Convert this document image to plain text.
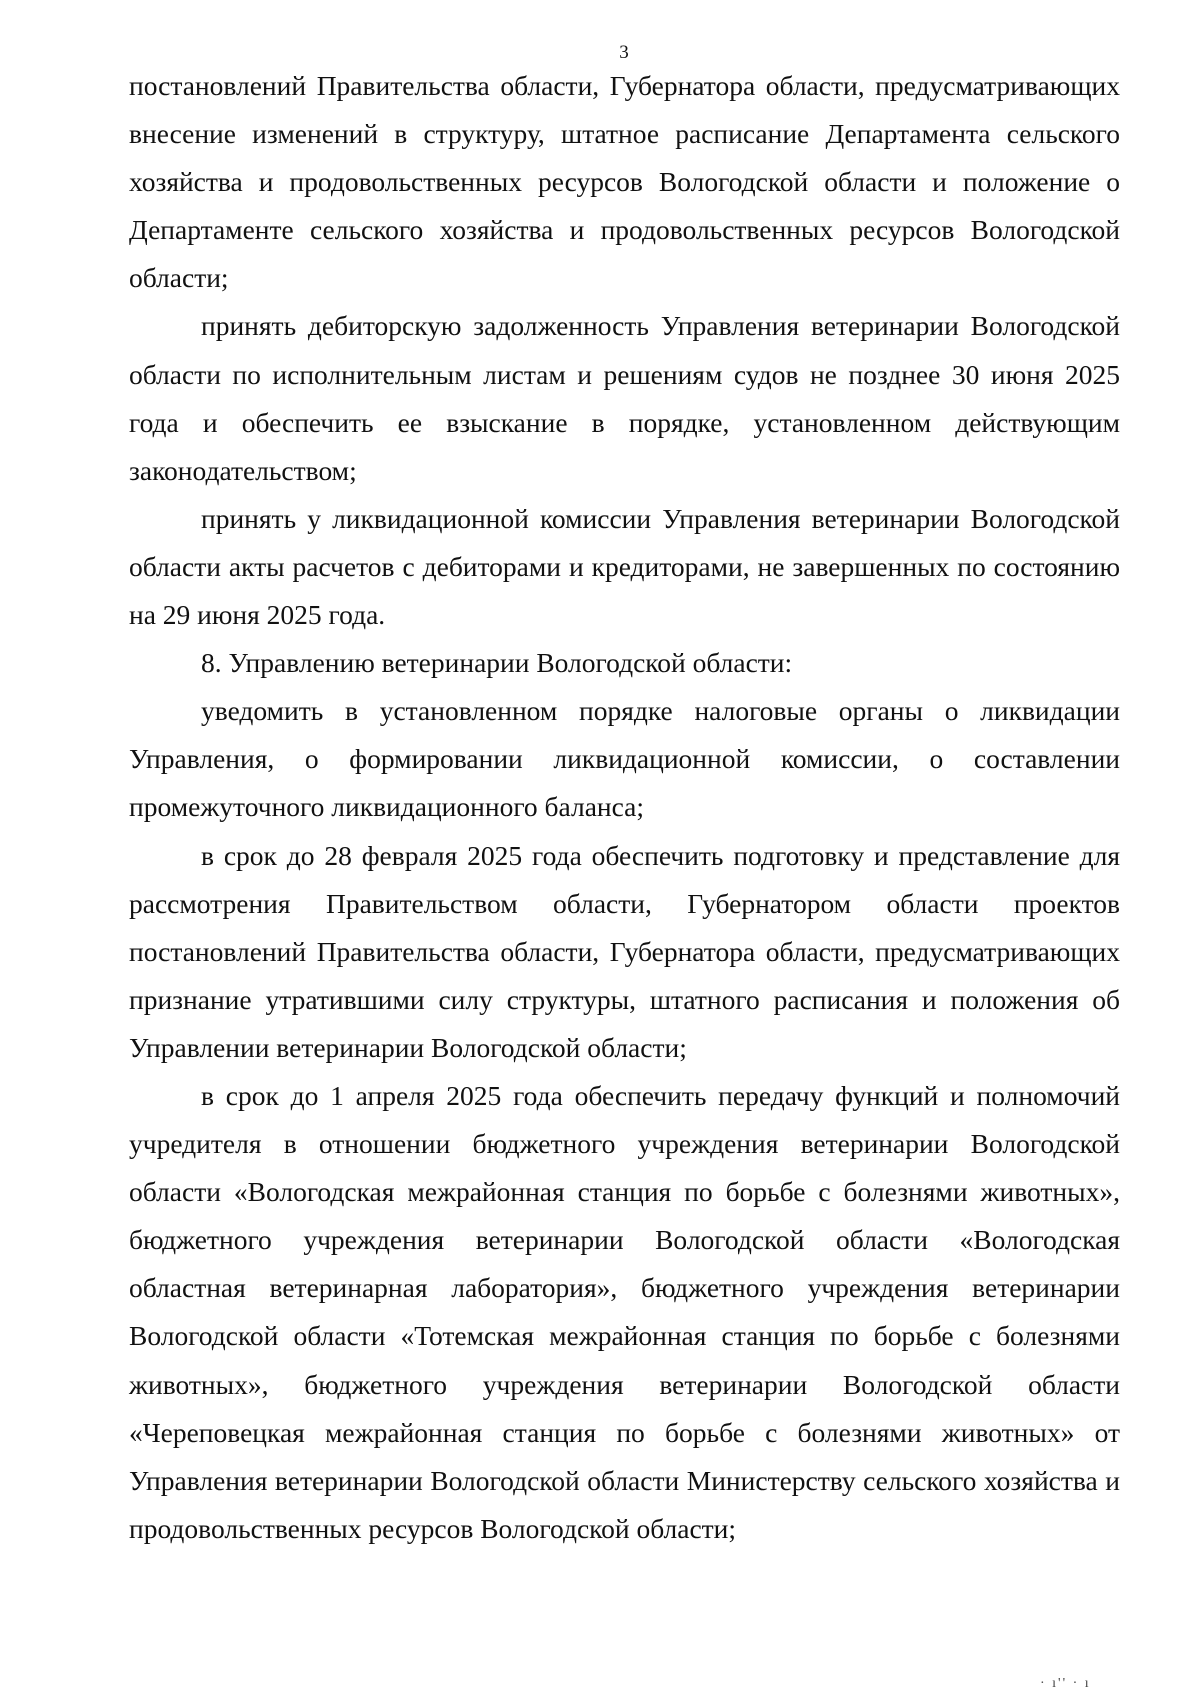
3

постановлений Правительства области, Губернатора области, предусматривающих внесение изменений в структуру, штатное расписание Департамента сельского хозяйства и продовольственных ресурсов Вологодской области и положение о Департаменте сельского хозяйства и продовольственных ресурсов Вологодской области;

принять дебиторскую задолженность Управления ветеринарии Вологодской области по исполнительным листам и решениям судов не позднее 30 июня 2025 года и обеспечить ее взыскание в порядке, установленном действующим законодательством;

принять у ликвидационной комиссии Управления ветеринарии Вологодской области акты расчетов с дебиторами и кредиторами, не завершенных по состоянию на 29 июня 2025 года.

8. Управлению ветеринарии Вологодской области:

уведомить в установленном порядке налоговые органы о ликвидации Управления, о формировании ликвидационной комиссии, о составлении промежуточного ликвидационного баланса;

в срок до 28 февраля 2025 года обеспечить подготовку и представление для рассмотрения Правительством области, Губернатором области проектов постановлений Правительства области, Губернатора области, предусматривающих признание утратившими силу структуры, штатного расписания и положения об Управлении ветеринарии Вологодской области;

в срок до 1 апреля 2025 года обеспечить передачу функций и полномочий учредителя в отношении бюджетного учреждения ветеринарии Вологодской области «Вологодская межрайонная станция по борьбе с болезнями животных», бюджетного учреждения ветеринарии Вологодской области «Вологодская областная ветеринарная лаборатория», бюджетного учреждения ветеринарии Вологодской области «Тотемская межрайонная станция по борьбе с болезнями животных», бюджетного учреждения ветеринарии Вологодской области «Череповецкая межрайонная станция по борьбе с болезнями животных» от Управления ветеринарии Вологодской области Министерству сельского хозяйства и продовольственных ресурсов Вологодской области;

· ı'' · ı
